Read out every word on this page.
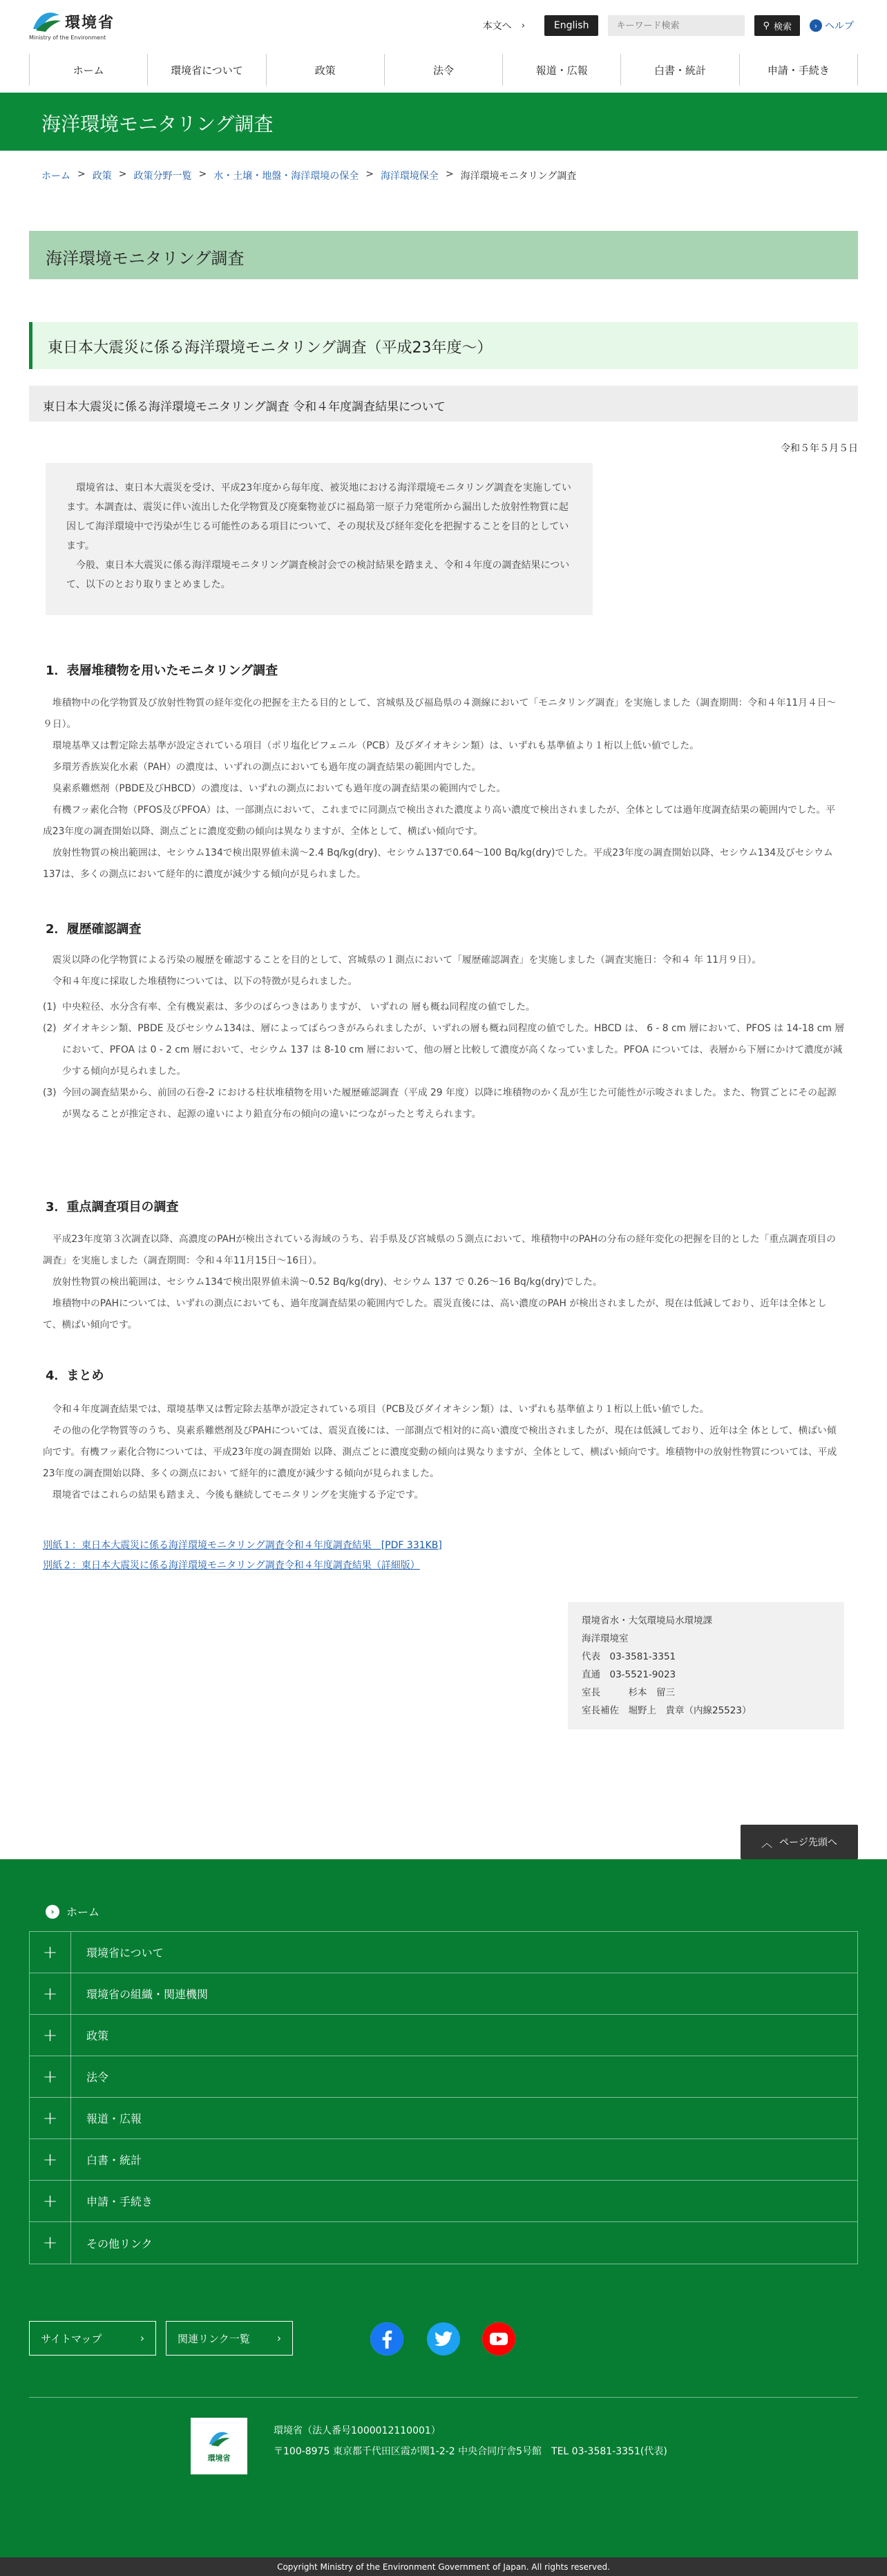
環境省
Ministry of the Environment
本文へ ›	English
キーワード検索	⚲ 検索	› ヘルプ
ホーム	環境省について	政策	法令	報道・広報	白書・統計	申請・手続き
海洋環境モニタリング調査
ホーム > 政策 > 政策分野一覧 > 水・土壌・地盤・海洋環境の保全 > 海洋環境保全 > 海洋環境モニタリング調査
海洋環境モニタリング調査
東日本大震災に係る海洋環境モニタリング調査（平成23年度～）
東日本大震災に係る海洋環境モニタリング調査 令和４年度調査結果について
令和５年５月５日

環境省は、東日本大震災を受け、平成23年度から毎年度、被災地における海洋環境モニタリング調査を実施しています。本調査は、震災に伴い流出した化学物質及び廃棄物並びに福島第一原子力発電所から漏出した放射性物質に起因して海洋環境中で汚染が生じる可能性のある項目について、その現状及び経年変化を把握することを目的としています。

今般、東日本大震災に係る海洋環境モニタリング調査検討会での検討結果を踏まえ、令和４年度の調査結果について、以下のとおり取りまとめました。

1．表層堆積物を用いたモニタリング調査

堆積物中の化学物質及び放射性物質の経年変化の把握を主たる目的として、宮城県及び福島県の４測線において「モニタリング調査」を実施しました（調査期間：令和４年11月４日～９日）。

環境基準又は暫定除去基準が設定されている項目（ポリ塩化ビフェニル（PCB）及びダイオキシン類）は、いずれも基準値より１桁以上低い値でした。

多環芳香族炭化水素（PAH）の濃度は、いずれの測点においても過年度の調査結果の範囲内でした。

臭素系難燃剤（PBDE及びHBCD）の濃度は、いずれの測点においても過年度の調査結果の範囲内でした。

有機フッ素化合物（PFOS及びPFOA）は、一部測点において、これまでに同測点で検出された濃度より高い濃度で検出されましたが、全体としては過年度調査結果の範囲内でした。平成23年度の調査開始以降、測点ごとに濃度変動の傾向は異なりますが、全体として、横ばい傾向です。

放射性物質の検出範囲は、セシウム134で検出限界値未満～2.4 Bq/kg(dry)、セシウム137で0.64～100 Bq/kg(dry)でした。平成23年度の調査開始以降、セシウム134及びセシウム137は、多くの測点において経年的に濃度が減少する傾向が見られました。

2．履歴確認調査

震災以降の化学物質による汚染の履歴を確認することを目的として、宮城県の１測点において「履歴確認調査」を実施しました（調査実施日：令和４ 年 11月９日）。

令和４年度に採取した堆積物については、以下の特徴が見られました。

(1) 中央粒径、水分含有率、全有機炭素は、多少のばらつきはありますが、 いずれの 層も概ね同程度の値でした。

(2) ダイオキシン類、PBDE 及びセシウム134は、層によってばらつきがみられましたが、いずれの層も概ね同程度の値でした。HBCD は、 6 - 8 cm 層において、PFOS は 14-18 cm 層において、PFOA は 0 - 2 cm 層において、セシウム 137 は 8-10 cm 層において、他の層と比較して濃度が高くなっていました。PFOA については、表層から下層にかけて濃度が減少する傾向が見られました。

(3) 今回の調査結果から、前回の石巻-2 における柱状堆積物を用いた履歴確認調査（平成 29 年度）以降に堆積物のかく乱が生じた可能性が示唆されました。また、物質ごとにその起源が異なることが推定され、起源の違いにより鉛直分布の傾向の違いにつながったと考えられます。

3．重点調査項目の調査

平成23年度第３次調査以降、高濃度のPAHが検出されている海域のうち、岩手県及び宮城県の５測点において、堆積物中のPAHの分布の経年変化の把握を目的とした「重点調査項目の調査」を実施しました（調査期間：令和４年11月15日～16日）。

放射性物質の検出範囲は、セシウム134で検出限界値未満～0.52 Bq/kg(dry)、セシウム 137 で 0.26～16 Bq/kg(dry)でした。

堆積物中のPAHについては、いずれの測点においても、過年度調査結果の範囲内でした。震災直後には、高い濃度のPAH が検出されましたが、現在は低減しており、近年は全体として、横ばい傾向です。

4．まとめ

令和４年度調査結果では、環境基準又は暫定除去基準が設定されている項目（PCB及びダイオキシン類）は、いずれも基準値より１桁以上低い値でした。

その他の化学物質等のうち、臭素系難燃剤及びPAHについては、震災直後には、一部測点で相対的に高い濃度で検出されましたが、現在は低減しており、近年は全 体として、横ばい傾向です。有機フッ素化合物については、平成23年度の調査開始 以降、測点ごとに濃度変動の傾向は異なりますが、全体として、横ばい傾向です。堆積物中の放射性物質については、平成23年度の調査開始以降、多くの測点におい て経年的に濃度が減少する傾向が見られました。

環境省ではこれらの結果も踏まえ、今後も継続してモニタリングを実施する予定です。

別紙１：東日本大震災に係る海洋環境モニタリング調査令和４年度調査結果　[PDF 331KB]
別紙２：東日本大震災に係る海洋環境モニタリング調査令和４年度調査結果（詳細版）
環境省水・大気環境局水環境課
海洋環境室
代表　03-3581-3351
直通　03-5521-9023
室長　　　杉本　留三
室長補佐　堀野上　貴章（内線25523）
︿ ページ先頭へ
›	ホーム
+	環境省について
+	環境省の組織・関連機関
+	政策
+	法令
+	報道・広報
+	白書・統計
+	申請・手続き
+	その他リンク
サイトマップ	›	関連リンク一覧	›
環境省
環境省（法人番号1000012110001）
〒100-8975 東京都千代田区霞が関1-2-2 中央合同庁舎5号館　TEL 03-3581-3351(代表)
Copyright Ministry of the Environment Government of Japan. All rights reserved.
